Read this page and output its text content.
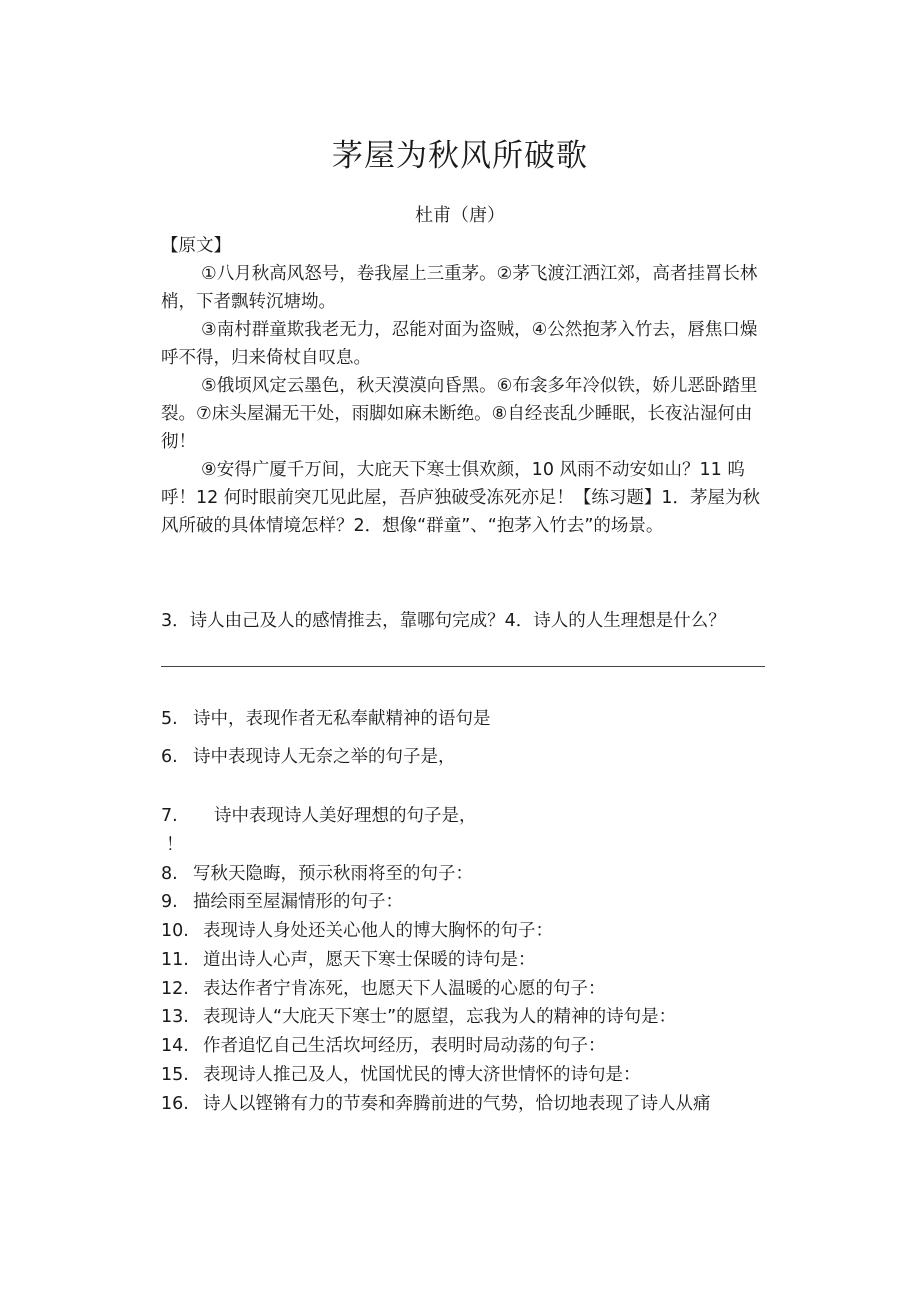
茅屋为秋风所破歌
杜甫（唐）

【原文】

①八月秋高风怒号，卷我屋上三重茅。②茅飞渡江洒江郊，高者挂罥长林梢，下者飘转沉塘坳。

③南村群童欺我老无力，忍能对面为盗贼，④公然抱茅入竹去，唇焦口燥呼不得，归来倚杖自叹息。

⑤俄顷风定云墨色，秋天漠漠向昏黑。⑥布衾多年冷似铁，娇儿恶卧踏里裂。⑦床头屋漏无干处，雨脚如麻未断绝。⑧自经丧乱少睡眠，长夜沾湿何由彻！

⑨安得广厦千万间，大庇天下寒士俱欢颜，10 风雨不动安如山？11 呜呼！12 何时眼前突兀见此屋，吾庐独破受冻死亦足！【练习题】1．茅屋为秋风所破的具体情境怎样？2．想像“群童”、“抱茅入竹去”的场景。

3．诗人由己及人的感情推去，靠哪句完成？4．诗人的人生理想是什么？
5. 诗中，表现作者无私奉献精神的语句是
6. 诗中表现诗人无奈之举的句子是，
7. 诗中表现诗人美好理想的句子是，
！
8. 写秋天隐晦，预示秋雨将至的句子：
9. 描绘雨至屋漏情形的句子：
10. 表现诗人身处还关心他人的博大胸怀的句子：
11. 道出诗人心声，愿天下寒士保暖的诗句是：
12. 表达作者宁肯冻死，也愿天下人温暖的心愿的句子：
13. 表现诗人“大庇天下寒士”的愿望，忘我为人的精神的诗句是：
14. 作者追忆自己生活坎坷经历，表明时局动荡的句子：
15. 表现诗人推己及人，忧国忧民的博大济世情怀的诗句是：
16. 诗人以铿锵有力的节奏和奔腾前进的气势，恰切地表现了诗人从痛
